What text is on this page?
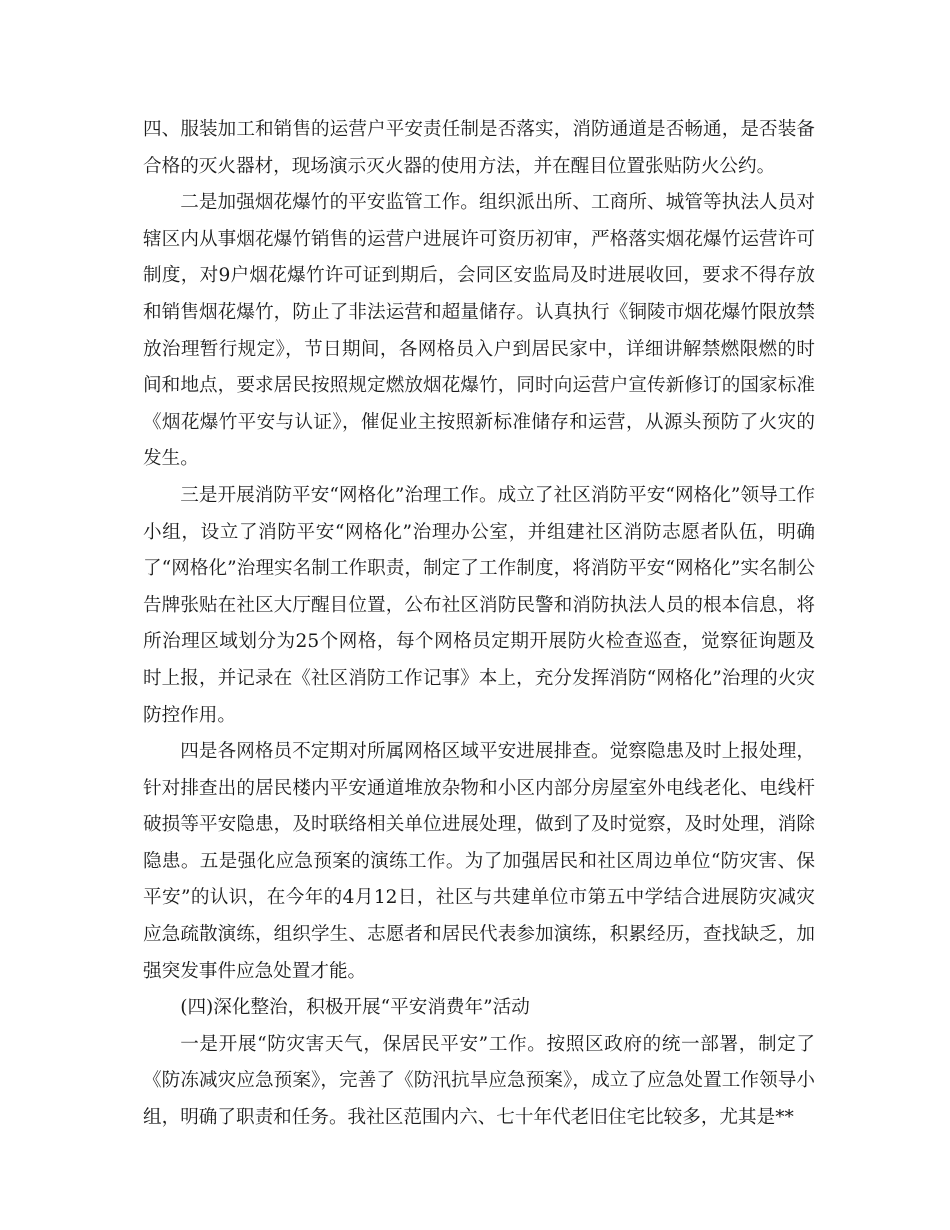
四、服装加工和销售的运营户平安责任制是否落实，消防通道是否畅通，是否装备合格的灭火器材，现场演示灭火器的使用方法，并在醒目位置张贴防火公约。

二是加强烟花爆竹的平安监管工作。组织派出所、工商所、城管等执法人员对辖区内从事烟花爆竹销售的运营户进展许可资历初审，严格落实烟花爆竹运营许可制度，对9户烟花爆竹许可证到期后，会同区安监局及时进展收回，要求不得存放和销售烟花爆竹，防止了非法运营和超量储存。认真执行《铜陵市烟花爆竹限放禁放治理暂行规定》，节日期间，各网格员入户到居民家中，详细讲解禁燃限燃的时间和地点，要求居民按照规定燃放烟花爆竹，同时向运营户宣传新修订的国家标准《烟花爆竹平安与认证》，催促业主按照新标准储存和运营，从源头预防了火灾的发生。

三是开展消防平安“网格化”治理工作。成立了社区消防平安“网格化”领导工作小组，设立了消防平安“网格化”治理办公室，并组建社区消防志愿者队伍，明确了“网格化”治理实名制工作职责，制定了工作制度，将消防平安“网格化”实名制公告牌张贴在社区大厅醒目位置，公布社区消防民警和消防执法人员的根本信息，将所治理区域划分为25个网格，每个网格员定期开展防火检查巡查，觉察征询题及时上报，并记录在《社区消防工作记事》本上，充分发挥消防“网格化”治理的火灾防控作用。

四是各网格员不定期对所属网格区域平安进展排查。觉察隐患及时上报处理，针对排查出的居民楼内平安通道堆放杂物和小区内部分房屋室外电线老化、电线杆破损等平安隐患，及时联络相关单位进展处理，做到了及时觉察，及时处理，消除隐患。五是强化应急预案的演练工作。为了加强居民和社区周边单位“防灾害、保平安”的认识，在今年的4月12日，社区与共建单位市第五中学结合进展防灾减灾应急疏散演练，组织学生、志愿者和居民代表参加演练，积累经历，查找缺乏，加强突发事件应急处置才能。

(四)深化整治，积极开展“平安消费年”活动

一是开展“防灾害天气，保居民平安”工作。按照区政府的统一部署，制定了《防冻减灾应急预案》，完善了《防汛抗旱应急预案》，成立了应急处置工作领导小组，明确了职责和任务。我社区范围内六、七十年代老旧住宅比较多，尤其是**
